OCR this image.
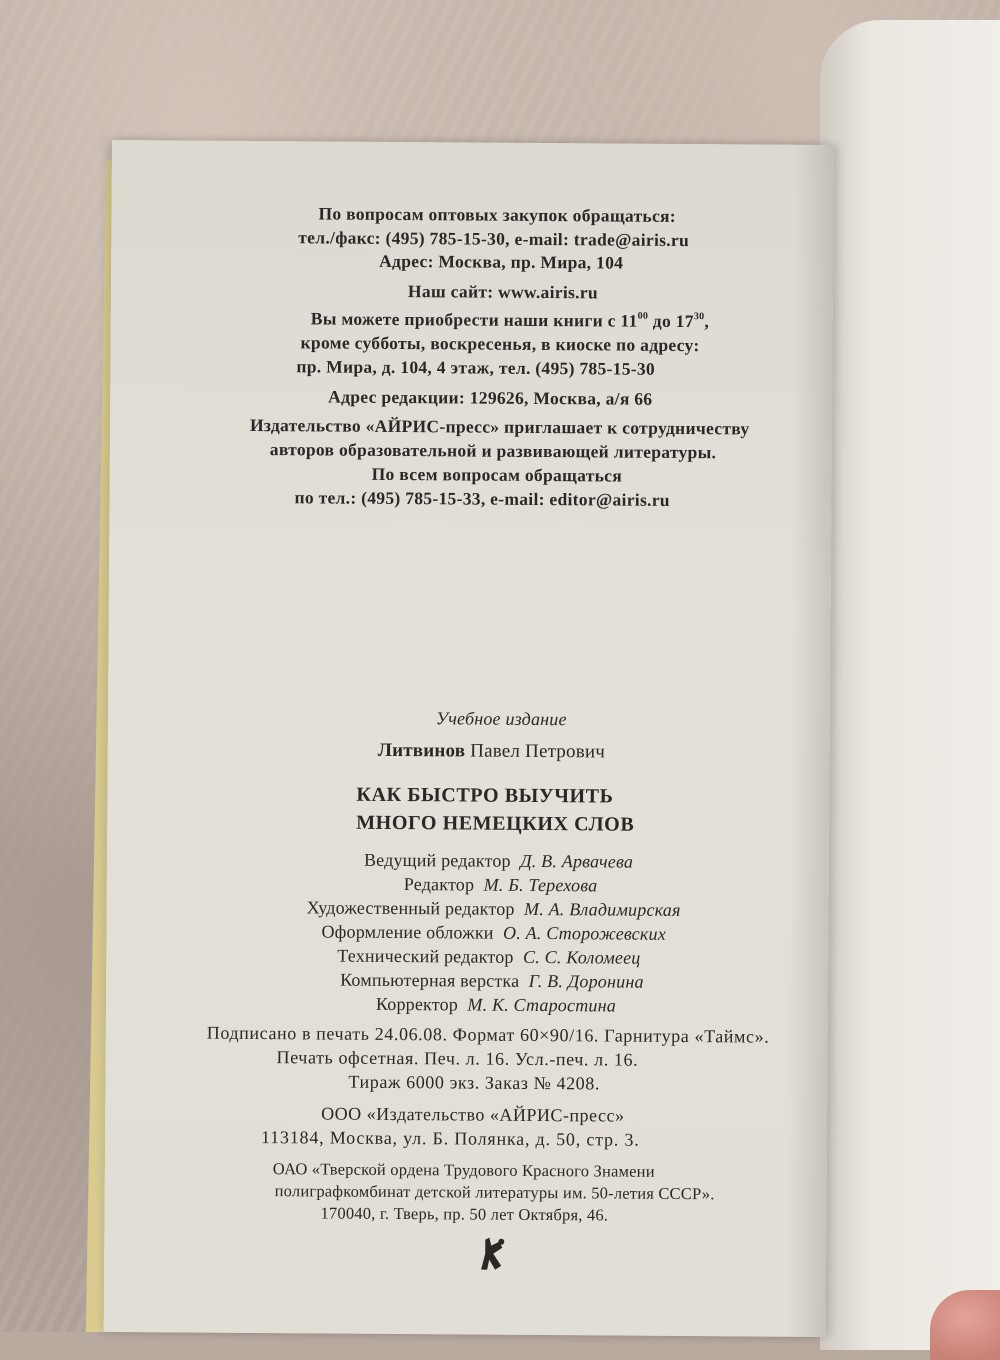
По вопросам оптовых закупок обращаться:
тел./факс: (495) 785-15-30, e-mail: trade@airis.ru
Адрес: Москва, пр. Мира, 104
Наш сайт: www.airis.ru
Вы можете приобрести наши книги с $11^{00}$ до $17^{30}$,
кроме субботы, воскресенья, в киоске по адресу:
пр. Мира, д. 104, 4 этаж, тел. (495) 785-15-30
Адрес редакции: 129626, Москва, а/я 66
Издательство «АЙРИС-пресс» приглашает к сотрудничеству
авторов образовательной и развивающей литературы.
По всем вопросам обращаться
по тел.: (495) 785-15-33, e-mail: editor@airis.ru
Учебное издание
Литвинов Павел Петрович
КАК БЫСТРО ВЫУЧИТЬ
МНОГО НЕМЕЦКИХ СЛОВ
Ведущий редактор Д. В. Арвачева
Редактор М. Б. Терехова
Художественный редактор М. А. Владимирская
Оформление обложки О. А. Сторожевских
Технический редактор С. С. Коломеец
Компьютерная верстка Г. В. Доронина
Корректор М. К. Старостина
Подписано в печать 24.06.08. Формат 60×90/16. Гарнитура «Таймс».
Печать офсетная. Печ. л. 16. Усл.-печ. л. 16.
Тираж 6000 экз. Заказ № 4208.
ООО «Издательство «АЙРИС-пресс»
113184, Москва, ул. Б. Полянка, д. 50, стр. 3.
ОАО «Тверской ордена Трудового Красного Знамени
полиграфкомбинат детской литературы им. 50-летия СССР».
170040, г. Тверь, пр. 50 лет Октября, 46.
